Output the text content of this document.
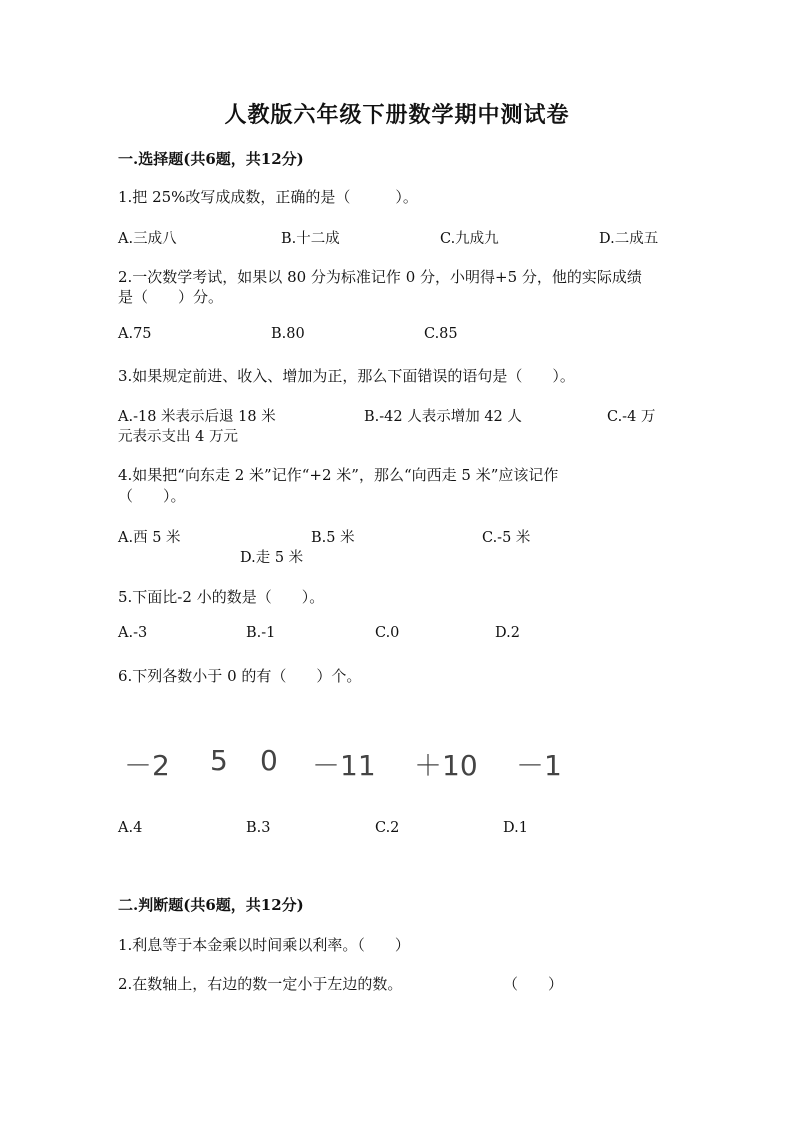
人教版六年级下册数学期中测试卷
一.选择题(共6题，共12分)
1.把 25%改写成成数，正确的是（　　　）。
A.三成八	B.十二成	C.九成九	D.二成五
2.一次数学考试，如果以 80 分为标准记作 0 分，小明得+5 分，他的实际成绩
是（　　）分。
A.75	B.80	C.85
3.如果规定前进、收入、增加为正，那么下面错误的语句是（　　）。
A.-18 米表示后退 18 米	B.-42 人表示增加 42 人	C.-4 万
元表示支出 4 万元
4.如果把“向东走 2 米”记作“+2 米”，那么“向西走 5 米”应该记作
（　　）。
A.西 5 米	B.5 米	C.-5 米
D.走 5 米
5.下面比-2 小的数是（　　）。
A.-3	B.-1	C.0	D.2
6.下列各数小于 0 的有（　　）个。
－2 5 0 －11 ＋10 －1
A.4	B.3	C.2	D.1
二.判断题(共6题，共12分)
1.利息等于本金乘以时间乘以利率。（　　）
2.在数轴上，右边的数一定小于左边的数。	（　　）
